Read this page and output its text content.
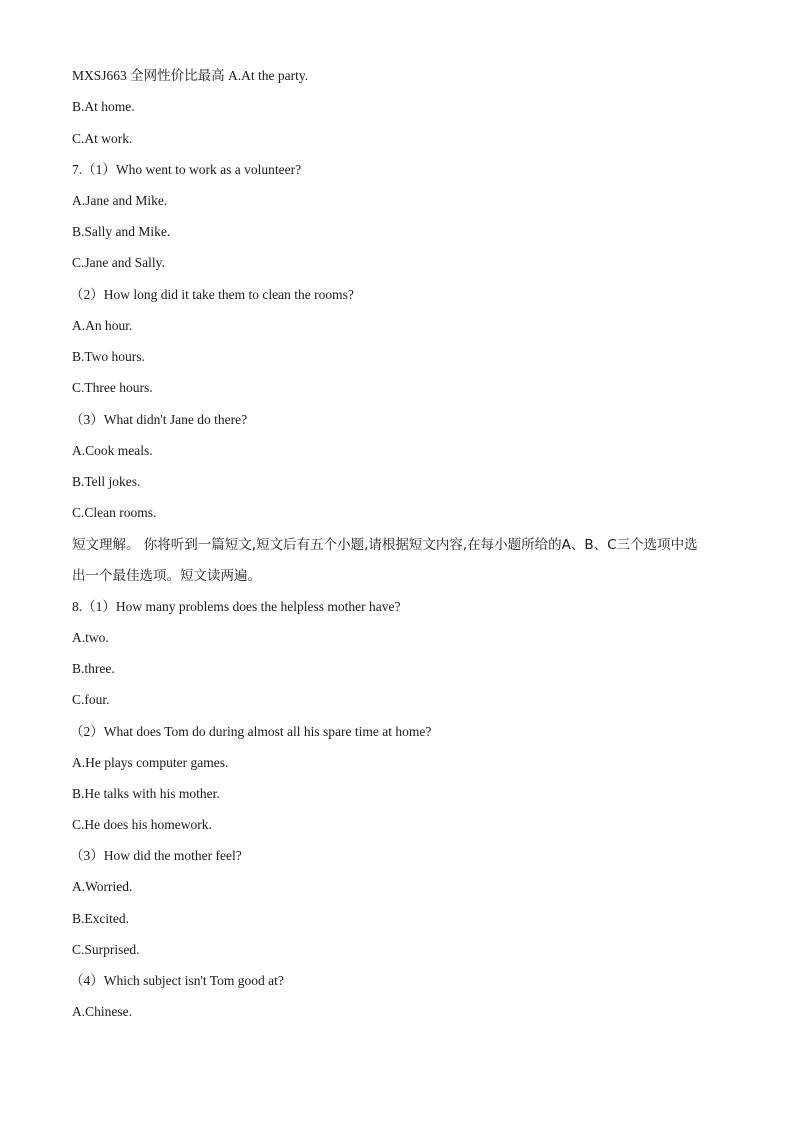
MXSJ663 全网性价比最高 A.At the party.
B.At home.
C.At work.
7.（1）Who went to work as a volunteer?
A.Jane and Mike.
B.Sally and Mike.
C.Jane and Sally.
（2）How long did it take them to clean the rooms?
A.An hour.
B.Two hours.
C.Three hours.
（3）What didn't Jane do there?
A.Cook meals.
B.Tell jokes.
C.Clean rooms.
短文理解。 你将听到一篇短文,短文后有五个小题,请根据短文内容,在每小题所给的A、B、C三个选项中选
出一个最佳选项。短文读两遍。
8.（1）How many problems does the helpless mother have?
A.two.
B.three.
C.four.
（2）What does Tom do during almost all his spare time at home?
A.He plays computer games.
B.He talks with his mother.
C.He does his homework.
（3）How did the mother feel?
A.Worried.
B.Excited.
C.Surprised.
（4）Which subject isn't Tom good at?
A.Chinese.
